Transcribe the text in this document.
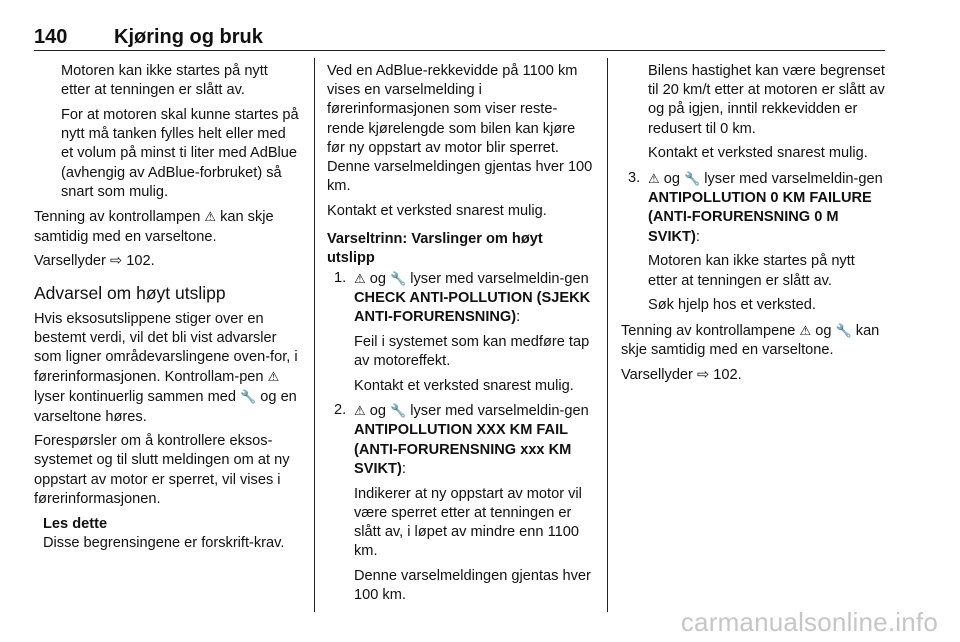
140 Kjøring og bruk

Motoren kan ikke startes på nytt etter at tenningen er slått av.

For at motoren skal kunne startes på nytt må tanken fylles helt eller med et volum på minst ti liter med AdBlue (avhengig av AdBlue-forbruket) så snart som mulig.

Tenning av kontrollampen ⚠ kan skje samtidig med en varseltone.

Varsellyder ⇨ 102.

Advarsel om høyt utslipp

Hvis eksosutslippene stiger over en bestemt verdi, vil det bli vist advarsler som ligner områdevarslingene oven-for, i førerinformasjonen. Kontrollam-pen ⚠ lyser kontinuerlig sammen med 🔧 og en varseltone høres.

Forespørsler om å kontrollere eksos-systemet og til slutt meldingen om at ny oppstart av motor er sperret, vil vises i førerinformasjonen.

Les dette
Disse begrensingene er forskrift-krav.

Ved en AdBlue-rekkevidde på 1100 km vises en varselmelding i førerinformasjonen som viser reste-rende kjørelengde som bilen kan kjøre før ny oppstart av motor blir sperret. Denne varselmeldingen gjentas hver 100 km.

Kontakt et verksted snarest mulig.

Varseltrinn: Varslinger om høyt utslipp
1. ⚠ og 🔧 lyser med varselmeldin-gen CHECK ANTI-POLLUTION (SJEKK ANTI-FORURENSNING):

Feil i systemet som kan medføre tap av motoreffekt.

Kontakt et verksted snarest mulig.

2. ⚠ og 🔧 lyser med varselmeldin-gen ANTIPOLLUTION XXX KM FAIL (ANTI-FORURENSNING xxx KM SVIKT):

Indikerer at ny oppstart av motor vil være sperret etter at tenningen er slått av, i løpet av mindre enn 1100 km.

Denne varselmeldingen gjentas hver 100 km.

Bilens hastighet kan være begrenset til 20 km/t etter at motoren er slått av og på igjen, inntil rekkevidden er redusert til 0 km.

Kontakt et verksted snarest mulig.

3. ⚠ og 🔧 lyser med varselmeldin-gen ANTIPOLLUTION 0 KM FAILURE (ANTI-FORURENSNING 0 M SVIKT):

Motoren kan ikke startes på nytt etter at tenningen er slått av.

Søk hjelp hos et verksted.

Tenning av kontrollampene ⚠ og 🔧 kan skje samtidig med en varseltone.

Varsellyder ⇨ 102.

carmanualsonline.info
